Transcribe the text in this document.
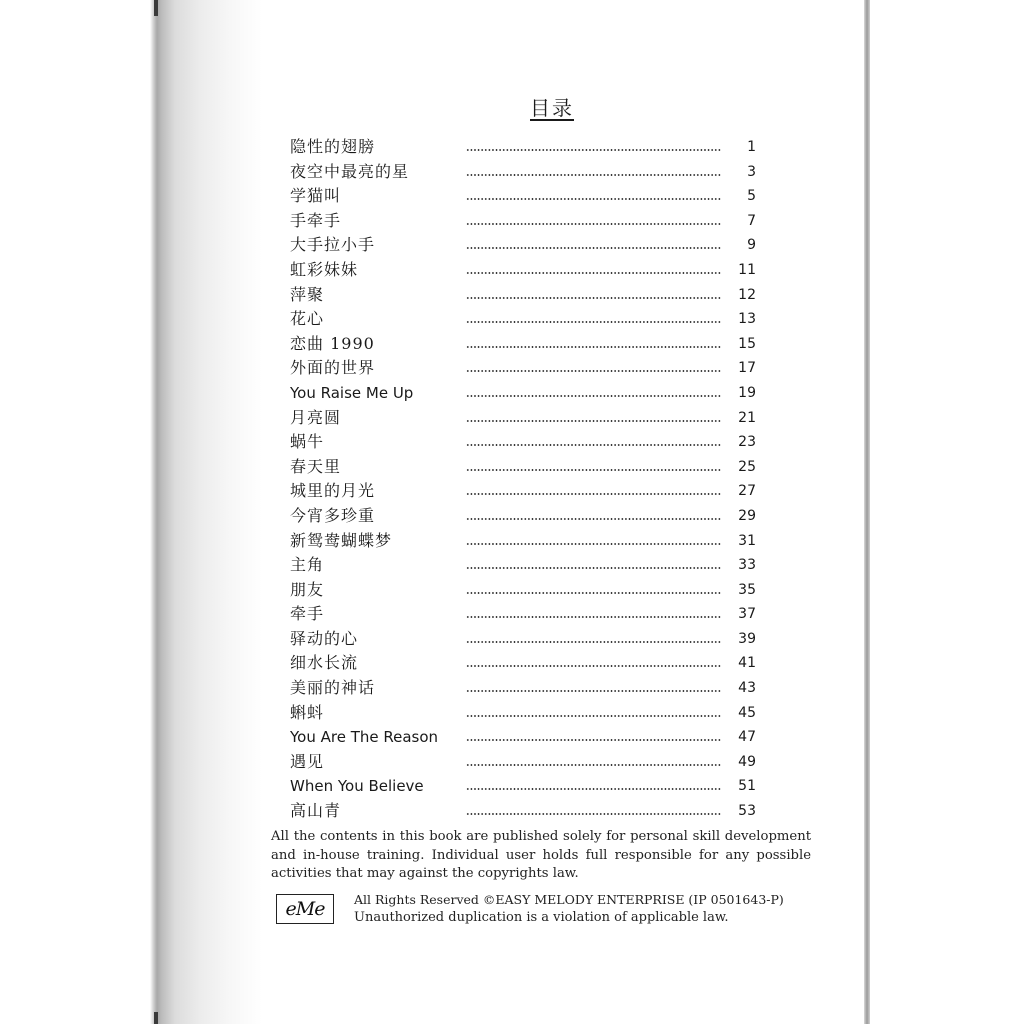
目录
隐性的翅膀	1
夜空中最亮的星	3
学猫叫	5
手牵手	7
大手拉小手	9
虹彩妹妹	11
萍聚	12
花心	13
恋曲 1990	15
外面的世界	17
You Raise Me Up	19
月亮圆	21
蜗牛	23
春天里	25
城里的月光	27
今宵多珍重	29
新鸳鸯蝴蝶梦	31
主角	33
朋友	35
牵手	37
驿动的心	39
细水长流	41
美丽的神话	43
蝌蚪	45
You Are The Reason	47
遇见	49
When You Believe	51
高山青	53
All the contents in this book are published solely for personal skill development and in-house training. Individual user holds full responsible for any possible activities that may against the copyrights law.
eMe	All Rights Reserved ©EASY MELODY ENTERPRISE (IP 0501643-P)
Unauthorized duplication is a violation of applicable law.
